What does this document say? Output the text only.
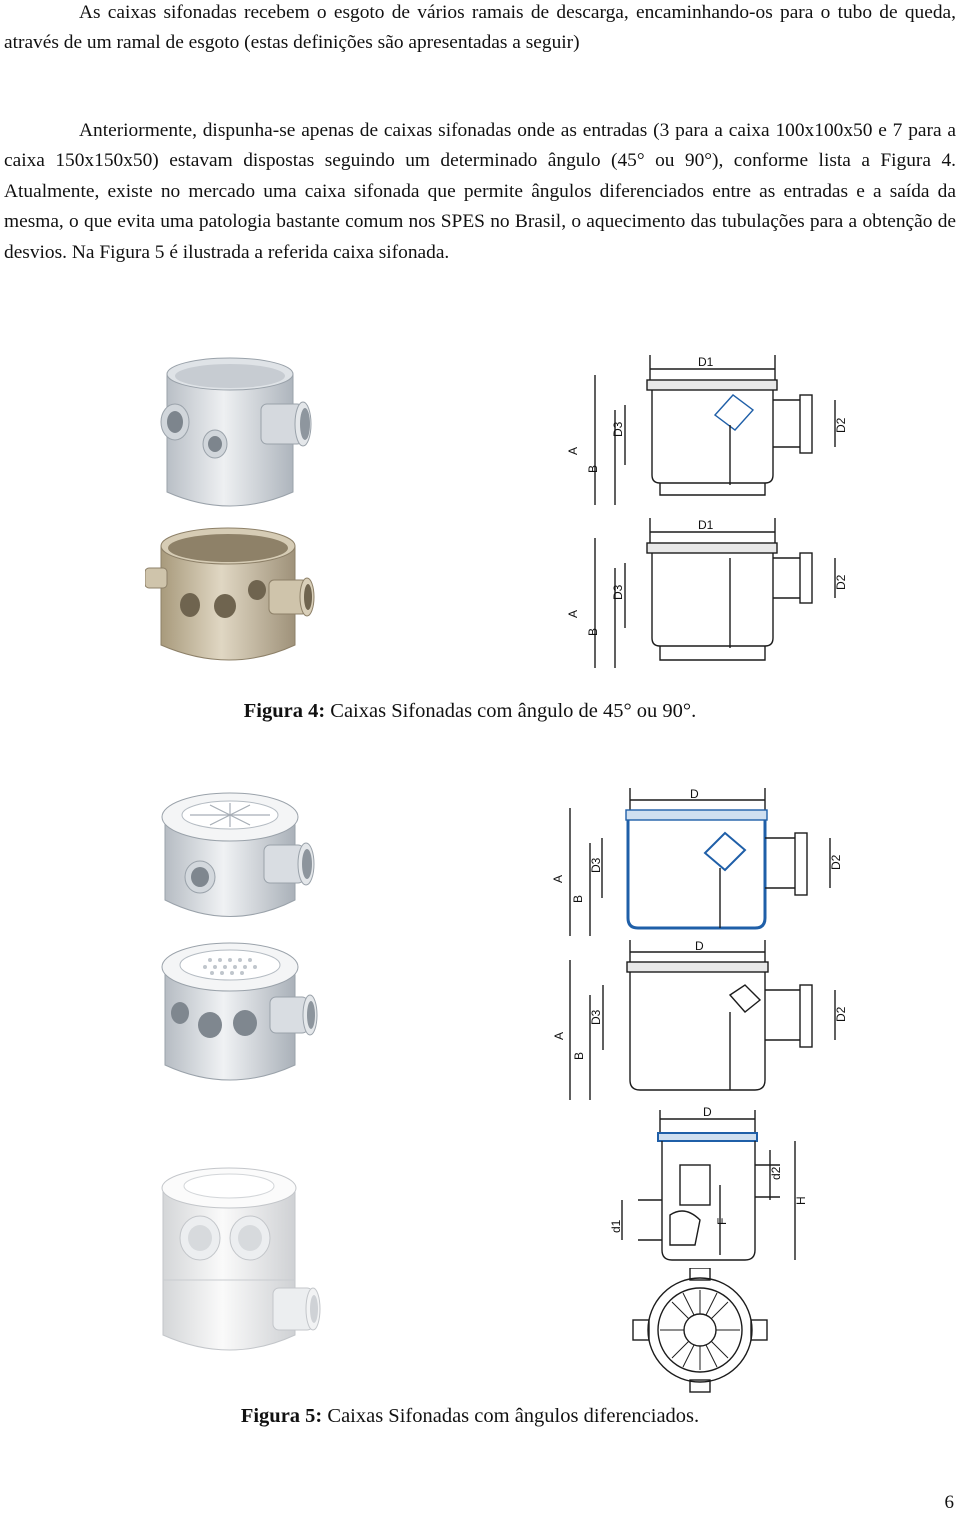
As caixas sifonadas recebem o esgoto de vários ramais de descarga, encaminhando-os para o tubo de queda, através de um ramal de esgoto (estas definições são apresentadas a seguir)

Anteriormente, dispunha-se apenas de caixas sifonadas onde as entradas (3 para a caixa 100x100x50 e 7 para a caixa 150x150x50) estavam dispostas seguindo um determinado ângulo (45° ou 90°), conforme lista a Figura 4. Atualmente, existe no mercado uma caixa sifonada que permite ângulos diferenciados entre as entradas e a saída da mesma, o que evita uma patologia bastante comum nos SPES no Brasil, o aquecimento das tubulações para a obtenção de desvios. Na Figura 5 é ilustrada a referida caixa sifonada.

D1
A
B
D3	D2
D1
A
B
D3
D2

Figura 4: Caixas Sifonadas com ângulo de 45° ou 90°.

D
A
B
D3	D2
D
A
B
D3	D2
D
d2
H
d1	F

Figura 5: Caixas Sifonadas com ângulos diferenciados.

6
